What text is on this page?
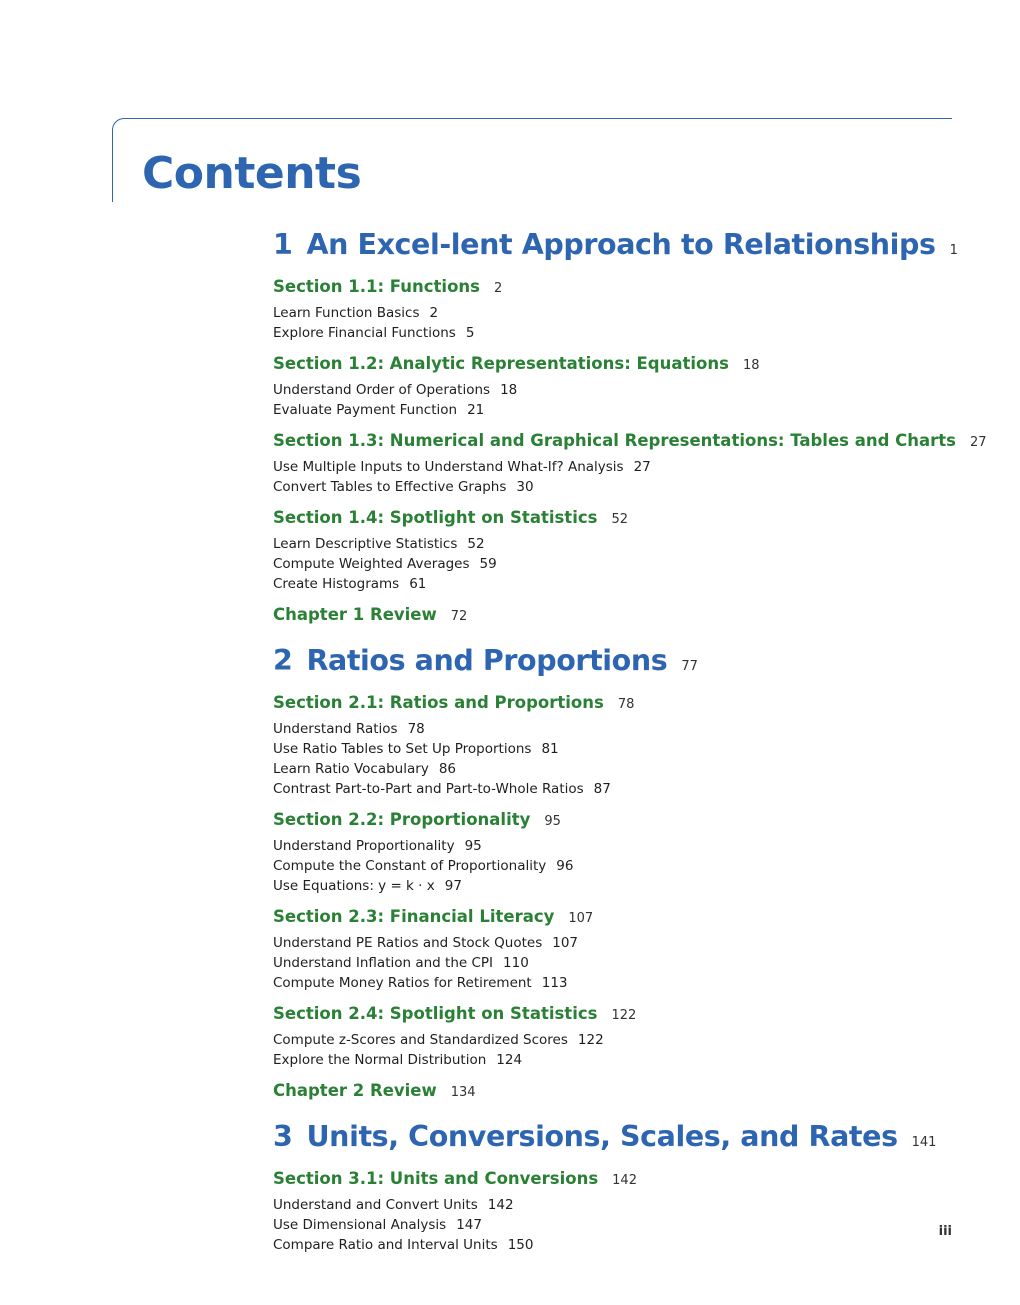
Contents
1 An Excel-lent Approach to Relationships 1
Section 1.1: Functions 2
Learn Function Basics 2
Explore Financial Functions 5
Section 1.2: Analytic Representations: Equations 18
Understand Order of Operations 18
Evaluate Payment Function 21
Section 1.3: Numerical and Graphical Representations: Tables and Charts 27
Use Multiple Inputs to Understand What-If? Analysis 27
Convert Tables to Effective Graphs 30
Section 1.4: Spotlight on Statistics 52
Learn Descriptive Statistics 52
Compute Weighted Averages 59
Create Histograms 61
Chapter 1 Review 72
2 Ratios and Proportions 77
Section 2.1: Ratios and Proportions 78
Understand Ratios 78
Use Ratio Tables to Set Up Proportions 81
Learn Ratio Vocabulary 86
Contrast Part-to-Part and Part-to-Whole Ratios 87
Section 2.2: Proportionality 95
Understand Proportionality 95
Compute the Constant of Proportionality 96
Use Equations: y = k · x 97
Section 2.3: Financial Literacy 107
Understand PE Ratios and Stock Quotes 107
Understand Inflation and the CPI 110
Compute Money Ratios for Retirement 113
Section 2.4: Spotlight on Statistics 122
Compute z-Scores and Standardized Scores 122
Explore the Normal Distribution 124
Chapter 2 Review 134
3 Units, Conversions, Scales, and Rates 141
Section 3.1: Units and Conversions 142
Understand and Convert Units 142
Use Dimensional Analysis 147
Compare Ratio and Interval Units 150
iii
